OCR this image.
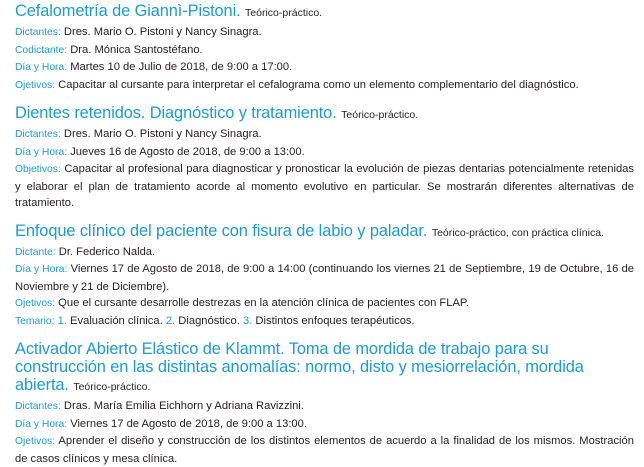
Cefalometría de Giannì-Pistoni. Teórico-práctico.
Dictantes: Dres. Mario O. Pistoni y Nancy Sinagra.
Codictante: Dra. Mónica Santostéfano.
Día y Hora: Martes 10 de Julio de 2018, de 9:00 a 17:00.
Ojetivos: Capacitar al cursante para interpretar el cefalograma como un elemento complementario del diagnóstico.
Dientes retenidos. Diagnóstico y tratamiento. Teórico-práctico.
Dictantes: Dres. Mario O. Pistoni y Nancy Sinagra.
Día y Hora: Jueves 16 de Agosto de 2018, de 9:00 a 13:00.
Objetivos: Capacitar al profesional para diagnosticar y pronosticar la evolución de piezas dentarias potencialmente retenidas y elaborar el plan de tratamiento acorde al momento evolutivo en particular. Se mostrarán diferentes alternativas de tratamiento.
Enfoque clínico del paciente con fisura de labio y paladar. Teórico-práctico, con práctica clínica.
Dictante: Dr. Federico Nalda.
Día y Hora: Viernes 17 de Agosto de 2018, de 9:00 a 14:00 (continuando los viernes 21 de Septiembre, 19 de Octubre, 16 de Noviembre y 21 de Diciembre).
Ojetivos: Que el cursante desarrolle destrezas en la atención clínica de pacientes con FLAP.
Temario: 1. Evaluación clínica. 2. Diagnóstico. 3. Distintos enfoques terapéuticos.
Activador Abierto Elástico de Klammt. Toma de mordida de trabajo para su construcción en las distintas anomalías: normo, disto y mesiorrelación, mordida abierta. Teórico-práctico.
Dictantes: Dras. María Emilia Eichhorn y Adriana Ravizzini.
Día y Hora: Viernes 17 de Agosto de 2018, de 9:00 a 13:00.
Ojetivos: Aprender el diseño y construcción de los distintos elementos de acuerdo a la finalidad de los mismos. Mostración de casos clínicos y mesa clínica.
